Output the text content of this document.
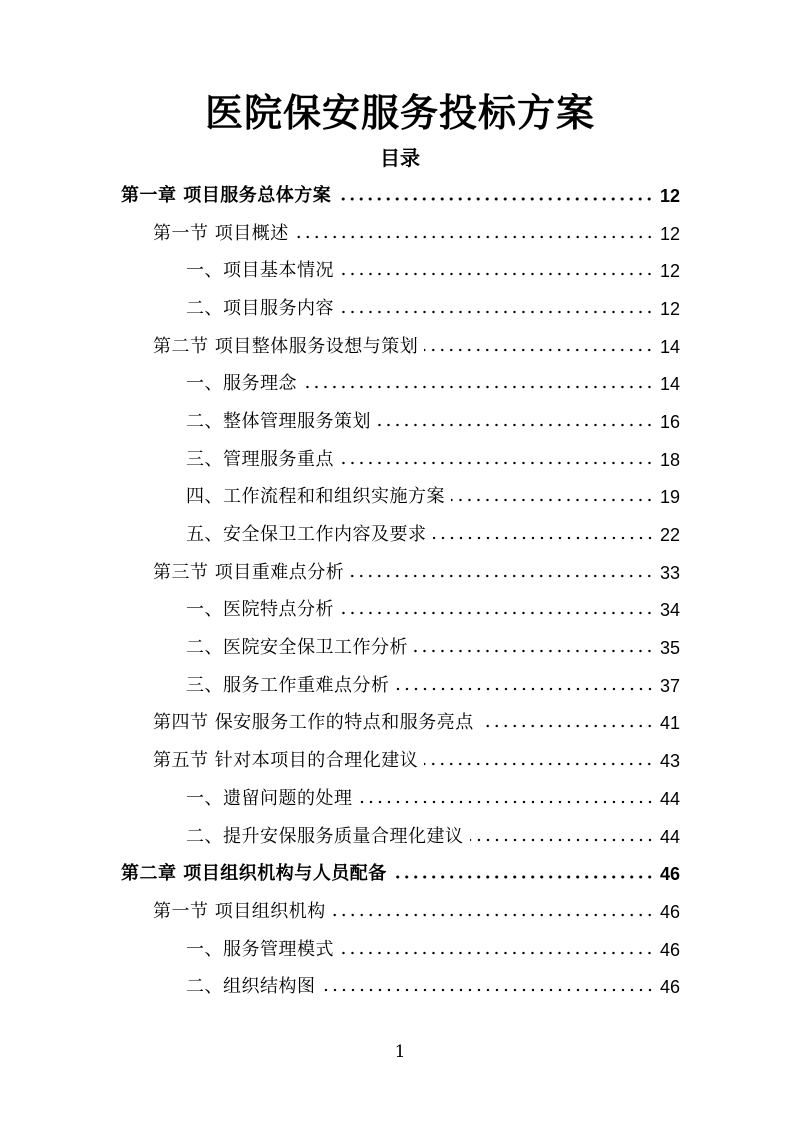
医院保安服务投标方案
目录
第一章 项目服务总体方案	12
第一节 项目概述	12
一、项目基本情况	12
二、项目服务内容	12
第二节 项目整体服务设想与策划	14
一、服务理念	14
二、整体管理服务策划	16
三、管理服务重点	18
四、工作流程和和组织实施方案	19
五、安全保卫工作内容及要求	22
第三节 项目重难点分析	33
一、医院特点分析	34
二、医院安全保卫工作分析	35
三、服务工作重难点分析	37
第四节 保安服务工作的特点和服务亮点	41
第五节 针对本项目的合理化建议	43
一、遗留问题的处理	44
二、提升安保服务质量合理化建议	44
第二章 项目组织机构与人员配备	46
第一节 项目组织机构	46
一、服务管理模式	46
二、组织结构图	46
1
